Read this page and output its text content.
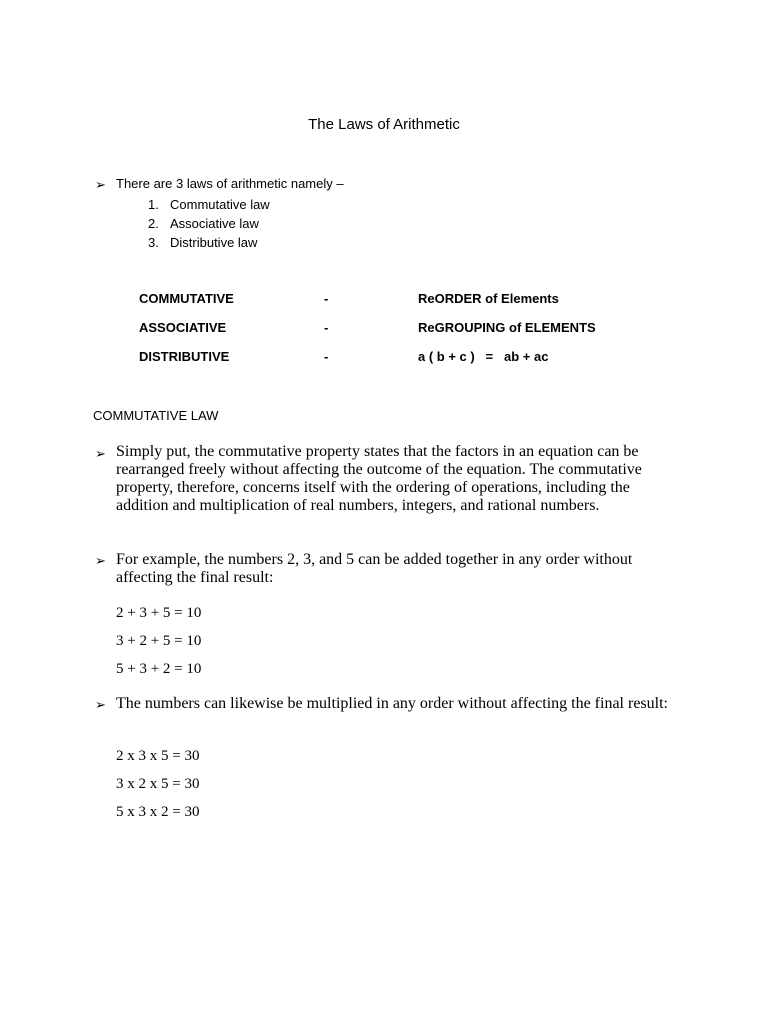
The Laws of Arithmetic
➢ There are 3 laws of arithmetic namely –
1. Commutative law
2. Associative law
3. Distributive law
COMMUTATIVE	-	ReORDER of Elements
ASSOCIATIVE	-	ReGROUPING of ELEMENTS
DISTRIBUTIVE	-	a ( b + c )   =   ab + ac
COMMUTATIVE LAW
➢ Simply put, the commutative property states that the factors in an equation can be rearranged freely without affecting the outcome of the equation. The commutative property, therefore, concerns itself with the ordering of operations, including the addition and multiplication of real numbers, integers, and rational numbers.
➢ For example, the numbers 2, 3, and 5 can be added together in any order without affecting the final result:
2 + 3 + 5 = 10
3 + 2 + 5 = 10
5 + 3 + 2 = 10
➢ The numbers can likewise be multiplied in any order without affecting the final result:
2 x 3 x 5 = 30
3 x 2 x 5 = 30
5 x 3 x 2 = 30
